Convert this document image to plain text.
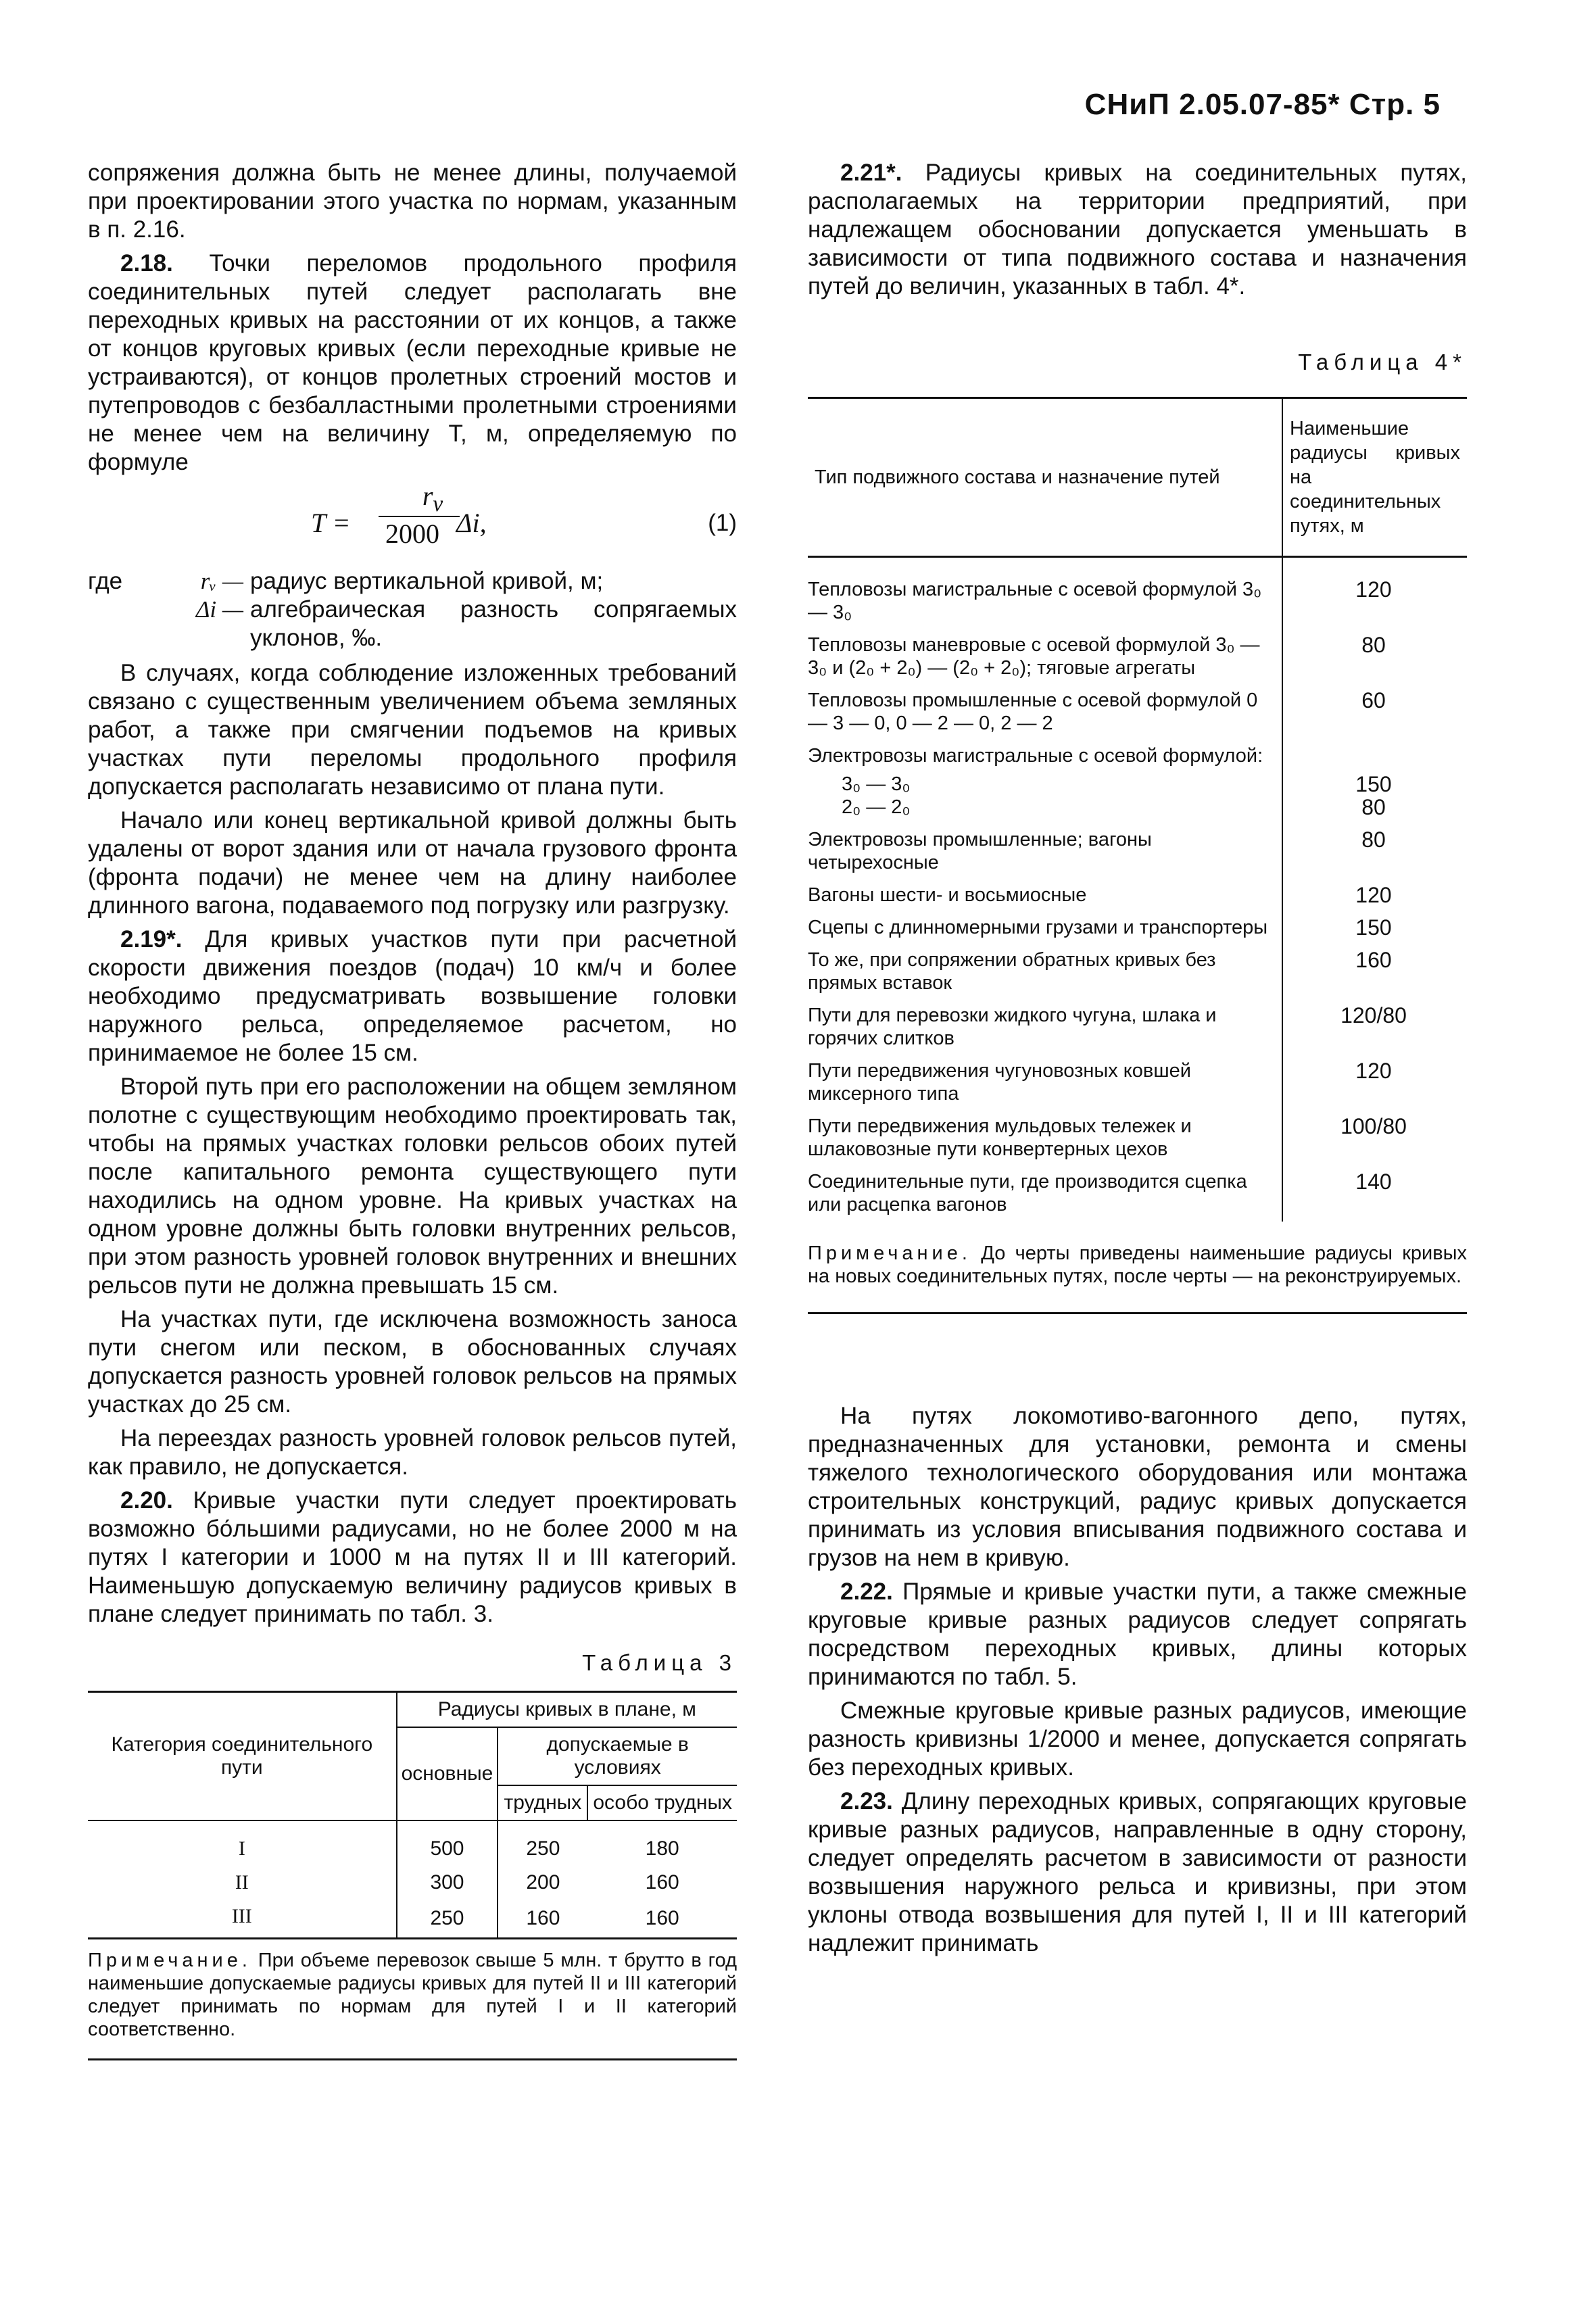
СНиП 2.05.07-85* Стр. 5

сопряжения должна быть не менее длины, получаемой при проектировании этого участка по нормам, указанным в п. 2.16.

2.18. Точки переломов продольного профиля соединительных путей следует располагать вне переходных кривых на расстоянии от их концов, а также от концов круговых кривых (если переходные кривые не устраиваются), от концов пролетных строений мостов и путепроводов с безбалластными пролетными строениями не менее чем на величину T, м, определяемую по формуле

T =
$r_v$
2000 Δi,	(1)
где	rᵥ — радиус вертикальной кривой, м;
Δi — алгебраическая разность сопрягаемых уклонов, ‰.

В случаях, когда соблюдение изложенных требований связано с существенным увеличением объема земляных работ, а также при смягчении подъемов на кривых участках пути переломы продольного профиля допускается располагать независимо от плана пути.

Начало или конец вертикальной кривой должны быть удалены от ворот здания или от начала грузового фронта (фронта подачи) не менее чем на длину наиболее длинного вагона, подаваемого под погрузку или разгрузку.

2.19*. Для кривых участков пути при расчетной скорости движения поездов (подач) 10 км/ч и более необходимо предусматривать возвышение головки наружного рельса, определяемое расчетом, но принимаемое не более 15 см.

Второй путь при его расположении на общем земляном полотне с существующим необходимо проектировать так, чтобы на прямых участках головки рельсов обоих путей после капитального ремонта существующего пути находились на одном уровне. На кривых участках на одном уровне должны быть головки внутренних рельсов, при этом разность уровней головок внутренних и внешних рельсов пути не должна превышать 15 см.

На участках пути, где исключена возможность заноса пути снегом или песком, в обоснованных случаях допускается разность уровней головок рельсов на прямых участках до 25 см.

На переездах разность уровней головок рельсов путей, как правило, не допускается.

2.20. Кривые участки пути следует проектировать возможно бо́льшими радиусами, но не более 2000 м на путях I категории и 1000 м на путях II и III категорий. Наименьшую допускаемую величину радиусов кривых в плане следует принимать по табл. 3.

Таблица 3
Категория соединительного пути	Радиусы кривых в плане, м		
	основные	допускаемые в условиях	
		трудных	особо трудных
I	500	250	180
II	300	200	160
III	250	160	160
Примечание. При объеме перевозок свыше 5 млн. т брутто в год наименьшие допускаемые радиусы кривых для путей II и III категорий следует принимать по нормам для путей I и II категорий соответственно.

2.21*. Радиусы кривых на соединительных путях, располагаемых на территории предприятий, при надлежащем обосновании допускается уменьшать в зависимости от типа подвижного состава и назначения путей до величин, указанных в табл. 4*.

Таблица 4*
Тип подвижного состава и назначение путей	Наименьшие радиусы кривых на соединительных путях, м
Тепловозы магистральные с осевой формулой 3₀ — 3₀	120
Тепловозы маневровые с осевой формулой 3₀ — 3₀ и (2₀ + 2₀) — (2₀ + 2₀); тяговые агрегаты	80
Тепловозы промышленные с осевой формулой 0 — 3 — 0, 0 — 2 — 0, 2 — 2	60
Электровозы магистральные с осевой формулой:	
3₀ — 3₀	150
2₀ — 2₀	80
Электровозы промышленные; вагоны четырехосные	80
Вагоны шести- и восьмиосные	120
Сцепы с длинномерными грузами и транспортеры	150
То же, при сопряжении обратных кривых без прямых вставок	160
Пути для перевозки жидкого чугуна, шлака и горячих слитков	120/80
Пути передвижения чугуновозных ковшей миксерного типа	120
Пути передвижения мульдовых тележек и шлаковозные пути конвертерных цехов	100/80
Соединительные пути, где производится сцепка или расцепка вагонов	140
Примечание. До черты приведены наименьшие радиусы кривых на новых соединительных путях, после черты — на реконструируемых.

На путях локомотиво-вагонного депо, путях, предназначенных для установки, ремонта и смены тяжелого технологического оборудования или монтажа строительных конструкций, радиус кривых допускается принимать из условия вписывания подвижного состава и грузов на нем в кривую.

2.22. Прямые и кривые участки пути, а также смежные круговые кривые разных радиусов следует сопрягать посредством переходных кривых, длины которых принимаются по табл. 5.

Смежные круговые кривые разных радиусов, имеющие разность кривизны 1/2000 и менее, допускается сопрягать без переходных кривых.

2.23. Длину переходных кривых, сопрягающих круговые кривые разных радиусов, направленные в одну сторону, следует определять расчетом в зависимости от разности возвышения наружного рельса и кривизны, при этом уклоны отвода возвышения для путей I, II и III категорий надлежит принимать
